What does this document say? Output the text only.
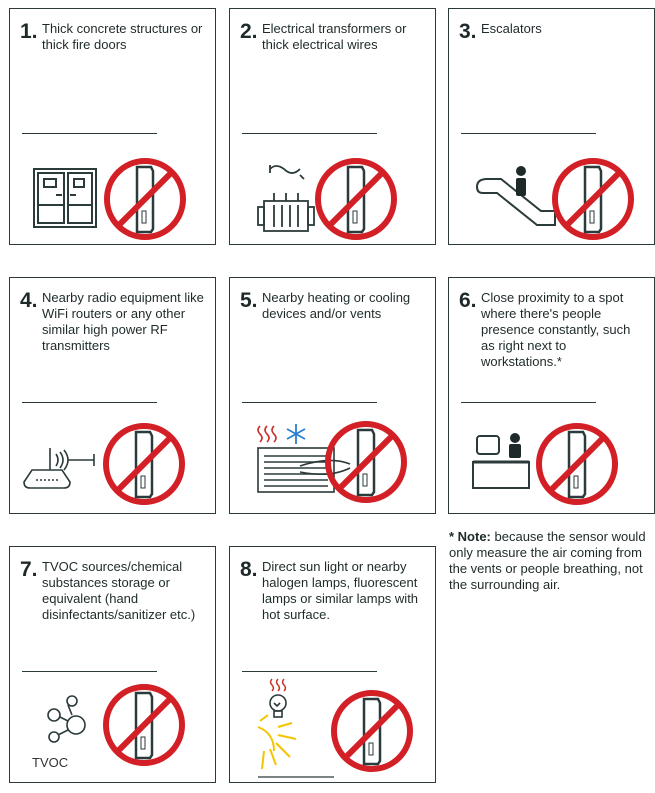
1. Thick concrete structures or thick fire doors
2. Electrical transformers or thick electrical wires
3. Escalators
4. Nearby radio equipment like WiFi routers or any other similar high power RF transmitters
5. Nearby heating or cooling devices and/or vents
6. Close proximity to a spot where there's people presence constantly, such as right next to workstations.*
7. TVOC sources/chemical substances storage or equivalent (hand disinfectants/sanitizer etc.)
TVOC
8. Direct sun light or nearby halogen lamps, fluorescent lamps or similar lamps with hot surface.
* Note: because the sensor would only measure the air coming from the vents or people breathing, not the surrounding air.
